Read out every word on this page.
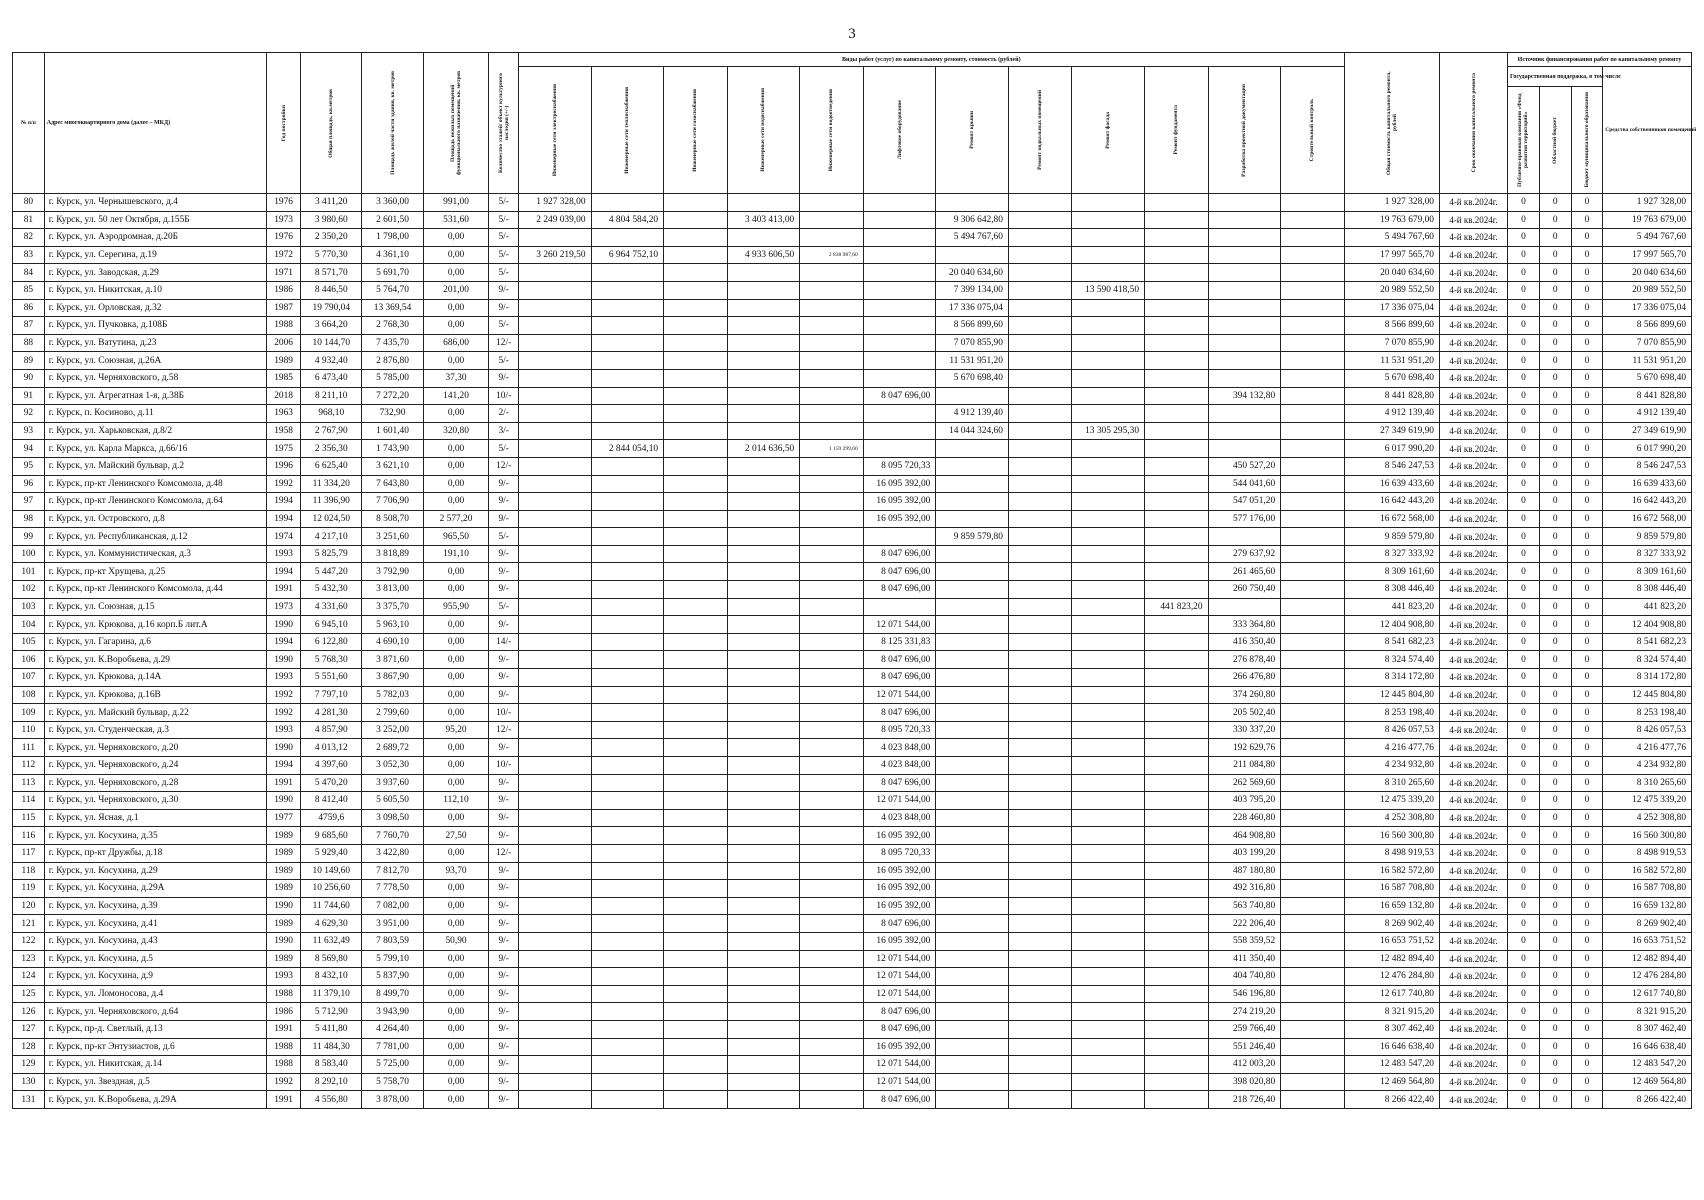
3
№ п/п	Адрес многоквартирного дома (далее – МКД)	Год постройки	Общая площадь, кв.метров	Площадь жилой части здания, кв. метров	Площадь нежилых помещений функционального назначения, кв. метров	Количество этажей/ объект культурного наследия (+/-)	Виды работ (услуг) по капитальному ремонту, стоимость (рублей)												Общая стоимость капитального ремонта, рублей	Срок окончания капитального ремонта	Источник финансирования работ по капитальному ремонту			

							Инженерные сети электроснабжения	Инженерные сети теплоснабжения	Инженерные сети газоснабжения	Инженерные сети водоснабжения	Инженерные сети водоотведения	Лифтовое оборудование	Ремонт крыши	Ремонт подвальных помещений	Ремонт фасада	Ремонт фундамента	Разработка проектной документации	Строительный контроль			Государственная поддержка, в том числе			Средства собственников помещений

																					Публично-правовая компания «Фонд развития территорий»	Областной бюджет	Бюджет муниципального образования	

80	г. Курск, ул. Чернышевского, д.4	1976	3 411,20	3 360,00	991,00	5/-	1 927 328,00												1 927 328,00	4-й кв.2024г.	0	0	0	1 927 328,00
81	г. Курск, ул. 50 лет Октября, д.155Б	1973	3 980,60	2 601,50	531,60	5/-	2 249 039,00	4 804 584,20		3 403 413,00			9 306 642,80						19 763 679,00	4-й кв.2024г.	0	0	0	19 763 679,00
82	г. Курск, ул. Аэродромная, д.20Б	1976	2 350,20	1 798,00	0,00	5/-							5 494 767,60						5 494 767,60	4-й кв.2024г.	0	0	0	5 494 767,60
83	г. Курск, ул. Серегина, д.19	1972	5 770,30	4 361,10	0,00	5/-	3 260 219,50	6 964 752,10		4 933 606,50	2 838 987,60								17 997 565,70	4-й кв.2024г.	0	0	0	17 997 565,70
84	г. Курск, ул. Заводская, д.29	1971	8 571,70	5 691,70	0,00	5/-							20 040 634,60						20 040 634,60	4-й кв.2024г.	0	0	0	20 040 634,60
85	г. Курск, ул. Никитская, д.10	1986	8 446,50	5 764,70	201,00	9/-							7 399 134,00		13 590 418,50				20 989 552,50	4-й кв.2024г.	0	0	0	20 989 552,50
86	г. Курск, ул. Орловская, д.32	1987	19 790,04	13 369,54	0,00	9/-							17 336 075,04						17 336 075,04	4-й кв.2024г.	0	0	0	17 336 075,04
87	г. Курск, ул. Пучковка, д.108Б	1988	3 664,20	2 768,30	0,00	5/-							8 566 899,60						8 566 899,60	4-й кв.2024г.	0	0	0	8 566 899,60
88	г. Курск, ул. Ватутина, д.23	2006	10 144,70	7 435,70	686,00	12/-							7 070 855,90						7 070 855,90	4-й кв.2024г.	0	0	0	7 070 855,90
89	г. Курск, ул. Союзная, д.26А	1989	4 932,40	2 876,80	0,00	5/-							11 531 951,20						11 531 951,20	4-й кв.2024г.	0	0	0	11 531 951,20
90	г. Курск, ул. Черняховского, д.58	1985	6 473,40	5 785,00	37,30	9/-							5 670 698,40						5 670 698,40	4-й кв.2024г.	0	0	0	5 670 698,40
91	г. Курск, ул. Агрегатная 1-я, д.38Б	2018	8 211,10	7 272,20	141,20	10/-						8 047 696,00					394 132,80		8 441 828,80	4-й кв.2024г.	0	0	0	8 441 828,80
92	г. Курск, п. Косиново, д.11	1963	968,10	732,90	0,00	2/-							4 912 139,40						4 912 139,40	4-й кв.2024г.	0	0	0	4 912 139,40
93	г. Курск, ул. Харьковская, д.8/2	1958	2 767,90	1 601,40	320,80	3/-							14 044 324,60		13 305 295,30				27 349 619,90	4-й кв.2024г.	0	0	0	27 349 619,90
94	г. Курск, ул. Карла Маркса, д.66/16	1975	2 356,30	1 743,90	0,00	5/-		2 844 054,10		2 014 636,50	1 159 299,60								6 017 990,20	4-й кв.2024г.	0	0	0	6 017 990,20
95	г. Курск, ул. Майский бульвар, д.2	1996	6 625,40	3 621,10	0,00	12/-						8 095 720,33					450 527,20		8 546 247,53	4-й кв.2024г.	0	0	0	8 546 247,53
96	г. Курск, пр-кт Ленинского Комсомола, д.48	1992	11 334,20	7 643,80	0,00	9/-						16 095 392,00					544 041,60		16 639 433,60	4-й кв.2024г.	0	0	0	16 639 433,60
97	г. Курск, пр-кт Ленинского Комсомола, д.64	1994	11 396,90	7 706,90	0,00	9/-						16 095 392,00					547 051,20		16 642 443,20	4-й кв.2024г.	0	0	0	16 642 443,20
98	г. Курск, ул. Островского, д.8	1994	12 024,50	8 508,70	2 577,20	9/-						16 095 392,00					577 176,00		16 672 568,00	4-й кв.2024г.	0	0	0	16 672 568,00
99	г. Курск, ул. Республиканская, д.12	1974	4 217,10	3 251,60	965,50	5/-							9 859 579,80						9 859 579,80	4-й кв.2024г.	0	0	0	9 859 579,80
100	г. Курск, ул. Коммунистическая, д.3	1993	5 825,79	3 818,89	191,10	9/-						8 047 696,00					279 637,92		8 327 333,92	4-й кв.2024г.	0	0	0	8 327 333,92
101	г. Курск, пр-кт Хрущева, д.25	1994	5 447,20	3 792,90	0,00	9/-						8 047 696,00					261 465,60		8 309 161,60	4-й кв.2024г.	0	0	0	8 309 161,60
102	г. Курск, пр-кт Ленинского Комсомола, д.44	1991	5 432,30	3 813,00	0,00	9/-						8 047 696,00					260 750,40		8 308 446,40	4-й кв.2024г.	0	0	0	8 308 446,40
103	г. Курск, ул. Союзная, д.15	1973	4 331,60	3 375,70	955,90	5/-										441 823,20			441 823,20	4-й кв.2024г.	0	0	0	441 823,20
104	г. Курск, ул. Крюкова, д.16 корп.Б лит.А	1990	6 945,10	5 963,10	0,00	9/-						12 071 544,00					333 364,80		12 404 908,80	4-й кв.2024г.	0	0	0	12 404 908,80
105	г. Курск, ул. Гагарина, д.6	1994	6 122,80	4 690,10	0,00	14/-						8 125 331,83					416 350,40		8 541 682,23	4-й кв.2024г.	0	0	0	8 541 682,23
106	г. Курск, ул. К.Воробьева, д.29	1990	5 768,30	3 871,60	0,00	9/-						8 047 696,00					276 878,40		8 324 574,40	4-й кв.2024г.	0	0	0	8 324 574,40
107	г. Курск, ул. Крюкова, д.14А	1993	5 551,60	3 867,90	0,00	9/-						8 047 696,00					266 476,80		8 314 172,80	4-й кв.2024г.	0	0	0	8 314 172,80
108	г. Курск, ул. Крюкова, д.16В	1992	7 797,10	5 782,03	0,00	9/-						12 071 544,00					374 260,80		12 445 804,80	4-й кв.2024г.	0	0	0	12 445 804,80
109	г. Курск, ул. Майский бульвар, д.22	1992	4 281,30	2 799,60	0,00	10/-						8 047 696,00					205 502,40		8 253 198,40	4-й кв.2024г.	0	0	0	8 253 198,40
110	г. Курск, ул. Студенческая, д.3	1993	4 857,90	3 252,00	95,20	12/-						8 095 720,33					330 337,20		8 426 057,53	4-й кв.2024г.	0	0	0	8 426 057,53
111	г. Курск, ул. Черняховского, д.20	1990	4 013,12	2 689,72	0,00	9/-						4 023 848,00					192 629,76		4 216 477,76	4-й кв.2024г.	0	0	0	4 216 477,76
112	г. Курск, ул. Черняховского, д.24	1994	4 397,60	3 052,30	0,00	10/-						4 023 848,00					211 084,80		4 234 932,80	4-й кв.2024г.	0	0	0	4 234 932,80
113	г. Курск, ул. Черняховского, д.28	1991	5 470,20	3 937,60	0,00	9/-						8 047 696,00					262 569,60		8 310 265,60	4-й кв.2024г.	0	0	0	8 310 265,60
114	г. Курск, ул. Черняховского, д.30	1990	8 412,40	5 605,50	112,10	9/-						12 071 544,00					403 795,20		12 475 339,20	4-й кв.2024г.	0	0	0	12 475 339,20
115	г. Курск, ул. Ясная, д.1	1977	4759,6	3 098,50	0,00	9/-						4 023 848,00					228 460,80		4 252 308,80	4-й кв.2024г.	0	0	0	4 252 308,80
116	г. Курск, ул. Косухина, д.35	1989	9 685,60	7 760,70	27,50	9/-						16 095 392,00					464 908,80		16 560 300,80	4-й кв.2024г.	0	0	0	16 560 300,80
117	г. Курск, пр-кт Дружбы, д.18	1989	5 929,40	3 422,80	0,00	12/-						8 095 720,33					403 199,20		8 498 919,53	4-й кв.2024г.	0	0	0	8 498 919,53
118	г. Курск, ул. Косухина, д.29	1989	10 149,60	7 812,70	93,70	9/-						16 095 392,00					487 180,80		16 582 572,80	4-й кв.2024г.	0	0	0	16 582 572,80
119	г. Курск, ул. Косухина, д.29А	1989	10 256,60	7 778,50	0,00	9/-						16 095 392,00					492 316,80		16 587 708,80	4-й кв.2024г.	0	0	0	16 587 708,80
120	г. Курск, ул. Косухина, д.39	1990	11 744,60	7 082,00	0,00	9/-						16 095 392,00					563 740,80		16 659 132,80	4-й кв.2024г.	0	0	0	16 659 132,80
121	г. Курск, ул. Косухина, д.41	1989	4 629,30	3 951,00	0,00	9/-						8 047 696,00					222 206,40		8 269 902,40	4-й кв.2024г.	0	0	0	8 269 902,40
122	г. Курск, ул. Косухина, д.43	1990	11 632,49	7 803,59	50,90	9/-						16 095 392,00					558 359,52		16 653 751,52	4-й кв.2024г.	0	0	0	16 653 751,52
123	г. Курск, ул. Косухина, д.5	1989	8 569,80	5 799,10	0,00	9/-						12 071 544,00					411 350,40		12 482 894,40	4-й кв.2024г.	0	0	0	12 482 894,40
124	г. Курск, ул. Косухина, д.9	1993	8 432,10	5 837,90	0,00	9/-						12 071 544,00					404 740,80		12 476 284,80	4-й кв.2024г.	0	0	0	12 476 284,80
125	г. Курск, ул. Ломоносова, д.4	1988	11 379,10	8 499,70	0,00	9/-						12 071 544,00					546 196,80		12 617 740,80	4-й кв.2024г.	0	0	0	12 617 740,80
126	г. Курск, ул. Черняховского, д.64	1986	5 712,90	3 943,90	0,00	9/-						8 047 696,00					274 219,20		8 321 915,20	4-й кв.2024г.	0	0	0	8 321 915,20
127	г. Курск, пр-д. Светлый, д.13	1991	5 411,80	4 264,40	0,00	9/-						8 047 696,00					259 766,40		8 307 462,40	4-й кв.2024г.	0	0	0	8 307 462,40
128	г. Курск, пр-кт Энтузиастов, д.6	1988	11 484,30	7 781,00	0,00	9/-						16 095 392,00					551 246,40		16 646 638,40	4-й кв.2024г.	0	0	0	16 646 638,40
129	г. Курск, ул. Никитская, д.14	1988	8 583,40	5 725,00	0,00	9/-						12 071 544,00					412 003,20		12 483 547,20	4-й кв.2024г.	0	0	0	12 483 547,20
130	г. Курск, ул. Звездная, д.5	1992	8 292,10	5 758,70	0,00	9/-						12 071 544,00					398 020,80		12 469 564,80	4-й кв.2024г.	0	0	0	12 469 564,80
131	г. Курск, ул. К.Воробьева, д.29А	1991	4 556,80	3 878,00	0,00	9/-						8 047 696,00					218 726,40		8 266 422,40	4-й кв.2024г.	0	0	0	8 266 422,40
